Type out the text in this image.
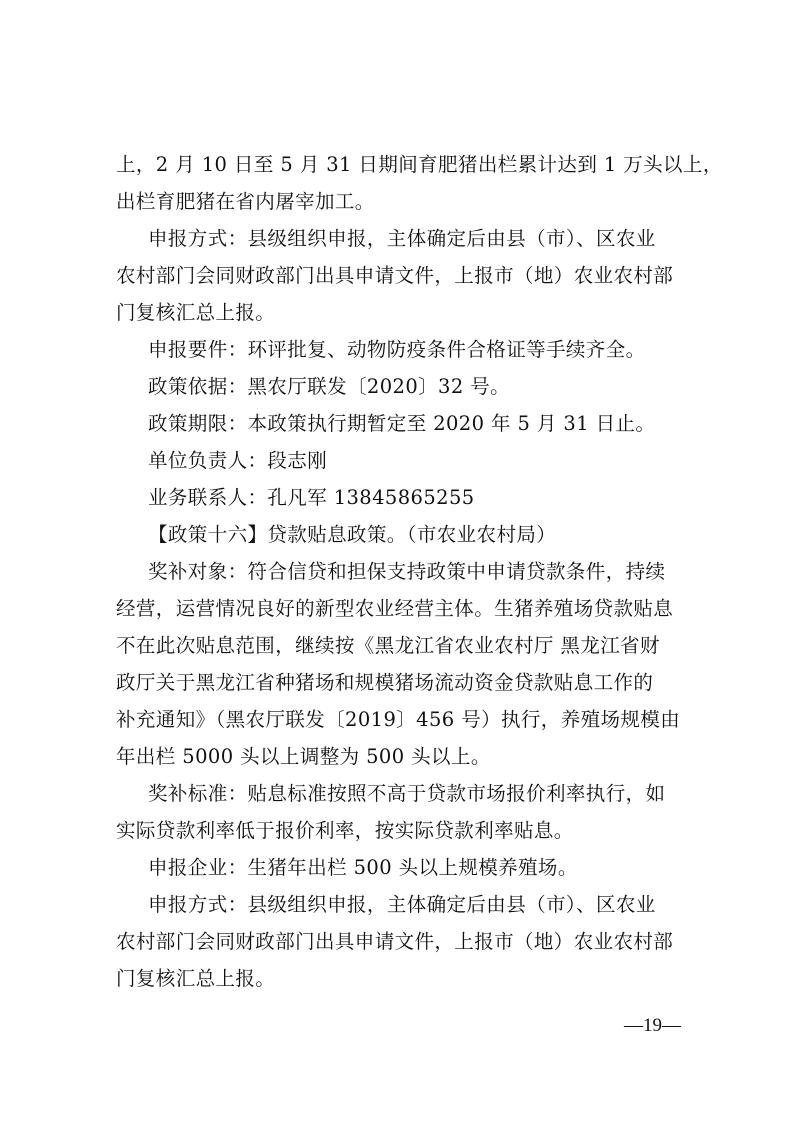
上，2 月 10 日至 5 月 31 日期间育肥猪出栏累计达到 1 万头以上，
出栏育肥猪在省内屠宰加工。
申报方式：县级组织申报，主体确定后由县（市）、区农业
农村部门会同财政部门出具申请文件，上报市（地）农业农村部
门复核汇总上报。
申报要件：环评批复、动物防疫条件合格证等手续齐全。
政策依据：黑农厅联发〔2020〕32 号。
政策期限：本政策执行期暂定至 2020 年 5 月 31 日止。
单位负责人：段志刚
业务联系人：孔凡军 13845865255
【政策十六】贷款贴息政策。（市农业农村局）
奖补对象：符合信贷和担保支持政策中申请贷款条件，持续
经营，运营情况良好的新型农业经营主体。生猪养殖场贷款贴息
不在此次贴息范围，继续按《黑龙江省农业农村厅 黑龙江省财
政厅关于黑龙江省种猪场和规模猪场流动资金贷款贴息工作的
补充通知》（黑农厅联发〔2019〕456 号）执行，养殖场规模由
年出栏 5000 头以上调整为 500 头以上。
奖补标准：贴息标准按照不高于贷款市场报价利率执行，如
实际贷款利率低于报价利率，按实际贷款利率贴息。
申报企业：生猪年出栏 500 头以上规模养殖场。
申报方式：县级组织申报，主体确定后由县（市）、区农业
农村部门会同财政部门出具申请文件，上报市（地）农业农村部
门复核汇总上报。
—19—
